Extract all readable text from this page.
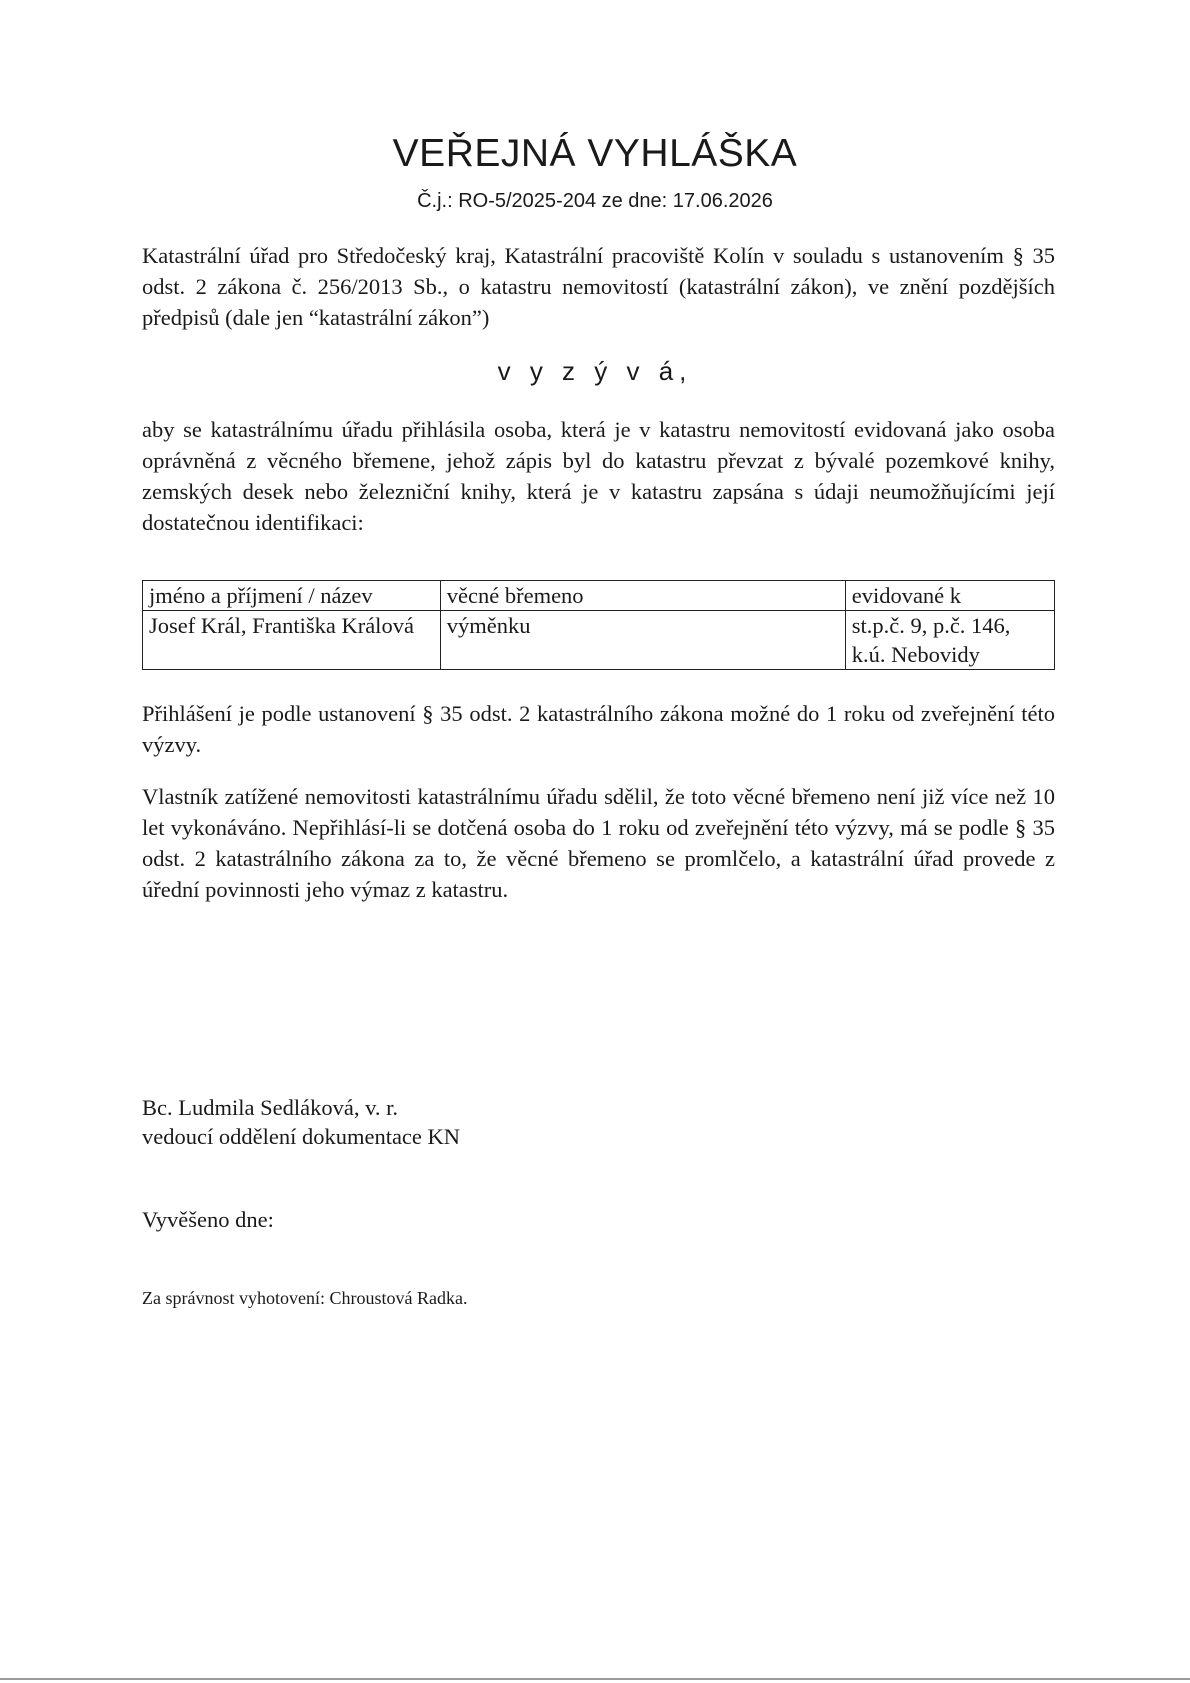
VEŘEJNÁ VYHLÁŠKA
Č.j.: RO-5/2025-204 ze dne: 17.06.2026

Katastrální úřad pro Středočeský kraj, Katastrální pracoviště Kolín v souladu s ustanovením § 35 odst. 2 zákona č. 256/2013 Sb., o katastru nemovitostí (katastrální zákon), ve znění pozdějších předpisů (dale jen “katastrální zákon”)

v y z ý v á,

aby se katastrálnímu úřadu přihlásila osoba, která je v katastru nemovitostí evidovaná jako osoba oprávněná z věcného břemene, jehož zápis byl do katastru převzat z bývalé pozemkové knihy, zemských desek nebo železniční knihy, která je v katastru zapsána s údaji neumožňujícími její dostatečnou identifikaci:

jméno a příjmení / název	věcné břemeno	evidované k
Josef Král, Františka Králová	výměnku	st.p.č. 9, p.č. 146, k.ú. Nebovidy

Přihlášení je podle ustanovení § 35 odst. 2 katastrálního zákona možné do 1 roku od zveřejnění této výzvy.

Vlastník zatížené nemovitosti katastrálnímu úřadu sdělil, že toto věcné břemeno není již více než 10 let vykonáváno. Nepřihlásí-li se dotčená osoba do 1 roku od zveřejnění této výzvy, má se podle § 35 odst. 2 katastrálního zákona za to, že věcné břemeno se promlčelo, a katastrální úřad provede z úřední povinnosti jeho výmaz z katastru.

Bc. Ludmila Sedláková, v. r.
vedoucí oddělení dokumentace KN
Vyvěšeno dne:
Za správnost vyhotovení: Chroustová Radka.
